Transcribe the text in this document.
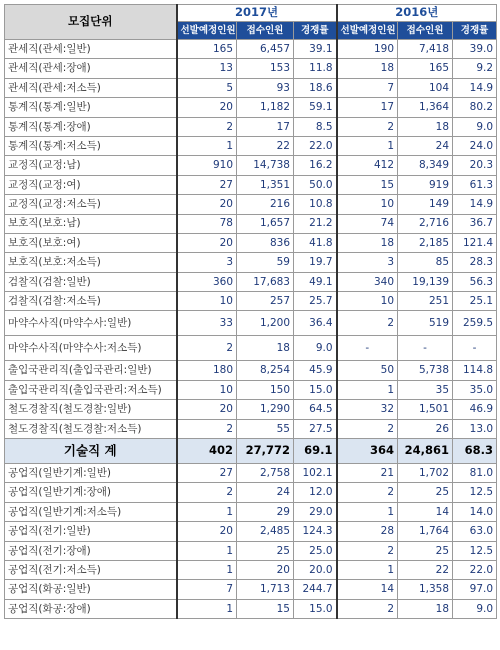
모집단위	2017년			2016년		
	선발예정인원	접수인원	경쟁률	선발예정인원	접수인원	경쟁률
관세직(관세:일반)	165	6,457	39.1	190	7,418	39.0
관세직(관세:장애)	13	153	11.8	18	165	9.2
관세직(관세:저소득)	5	93	18.6	7	104	14.9
통계직(통계:일반)	20	1,182	59.1	17	1,364	80.2
통계직(통계:장애)	2	17	8.5	2	18	9.0
통계직(통계:저소득)	1	22	22.0	1	24	24.0
교정직(교정:남)	910	14,738	16.2	412	8,349	20.3
교정직(교정:여)	27	1,351	50.0	15	919	61.3
교정직(교정:저소득)	20	216	10.8	10	149	14.9
보호직(보호:남)	78	1,657	21.2	74	2,716	36.7
보호직(보호:여)	20	836	41.8	18	2,185	121.4
보호직(보호:저소득)	3	59	19.7	3	85	28.3
검찰직(검찰:일반)	360	17,683	49.1	340	19,139	56.3
검찰직(검찰:저소득)	10	257	25.7	10	251	25.1
마약수사직(마약수사:일반)	33	1,200	36.4	2	519	259.5
마약수사직(마약수사:저소득)	2	18	9.0	-	-	-
출입국관리직(출입국관리:일반)	180	8,254	45.9	50	5,738	114.8
출입국관리직(출입국관리:저소득)	10	150	15.0	1	35	35.0
철도경찰직(철도경찰:일반)	20	1,290	64.5	32	1,501	46.9
철도경찰직(철도경찰:저소득)	2	55	27.5	2	26	13.0
기술직 계	402	27,772	69.1	364	24,861	68.3
공업직(일반기계:일반)	27	2,758	102.1	21	1,702	81.0
공업직(일반기계:장애)	2	24	12.0	2	25	12.5
공업직(일반기계:저소득)	1	29	29.0	1	14	14.0
공업직(전기:일반)	20	2,485	124.3	28	1,764	63.0
공업직(전기:장애)	1	25	25.0	2	25	12.5
공업직(전기:저소득)	1	20	20.0	1	22	22.0
공업직(화공:일반)	7	1,713	244.7	14	1,358	97.0
공업직(화공:장애)	1	15	15.0	2	18	9.0
